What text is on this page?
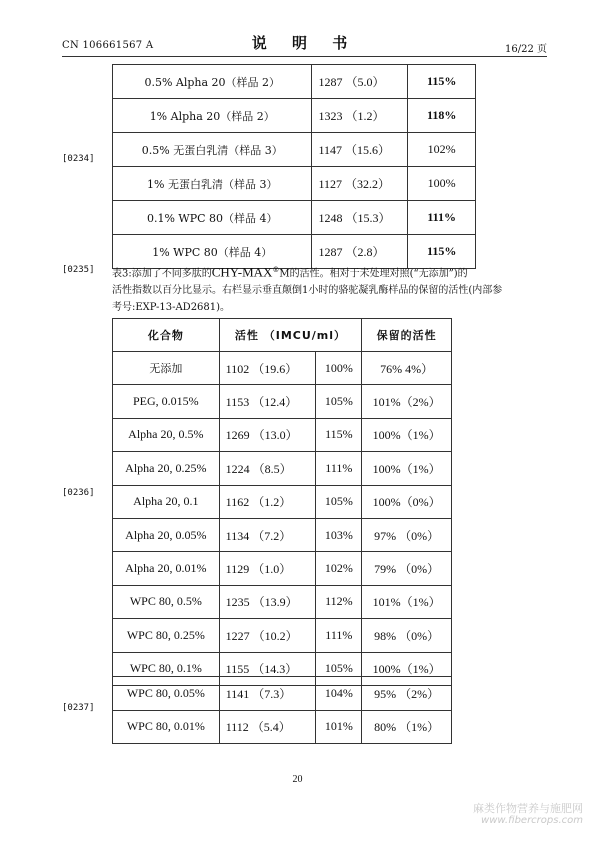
CN 106661567 A	说 明 书	16/22 页
[0234]
0.5% Alpha 20（样品 2）	1287 （5.0）	115%
1% Alpha 20（样品 2）	1323 （1.2）	118%
0.5% 无蛋白乳清（样品 3）	1147 （15.6）	102%
1% 无蛋白乳清（样品 3）	1127 （32.2）	100%
0.1% WPC 80（样品 4）	1248 （15.3）	111%
1% WPC 80（样品 4）	1287 （2.8）	115%
[0235] 表3:添加了不同多肽的CHY-MAX®M的活性。相对于未处理对照(“无添加”)的
活性指数以百分比显示。右栏显示垂直颠倒1小时的骆驼凝乳酶样品的保留的活性(内部参
考号:EXP-13-AD2681)。
[0236]
化合物	活性 （IMCU/ml）		保留的活性
无添加	1102 （19.6）	100%	76% 4%）
PEG, 0.015%	1153 （12.4）	105%	101%（2%）
Alpha 20, 0.5%	1269 （13.0）	115%	100%（1%）
Alpha 20, 0.25%	1224 （8.5）	111%	100%（1%）
Alpha 20, 0.1	1162 （1.2）	105%	100%（0%）
Alpha 20, 0.05%	1134 （7.2）	103%	97% （0%）
Alpha 20, 0.01%	1129 （1.0）	102%	79% （0%）
WPC 80, 0.5%	1235 （13.9）	112%	101%（1%）
WPC 80, 0.25%	1227 （10.2）	111%	98% （0%）
WPC 80, 0.1%	1155 （14.3）	105%	100%（1%）
[0237]
WPC 80, 0.05%	1141 （7.3）	104%	95% （2%）
WPC 80, 0.01%	1112 （5.4）	101%	80% （1%）
20
麻类作物营养与施肥网
www.fibercrops.com
